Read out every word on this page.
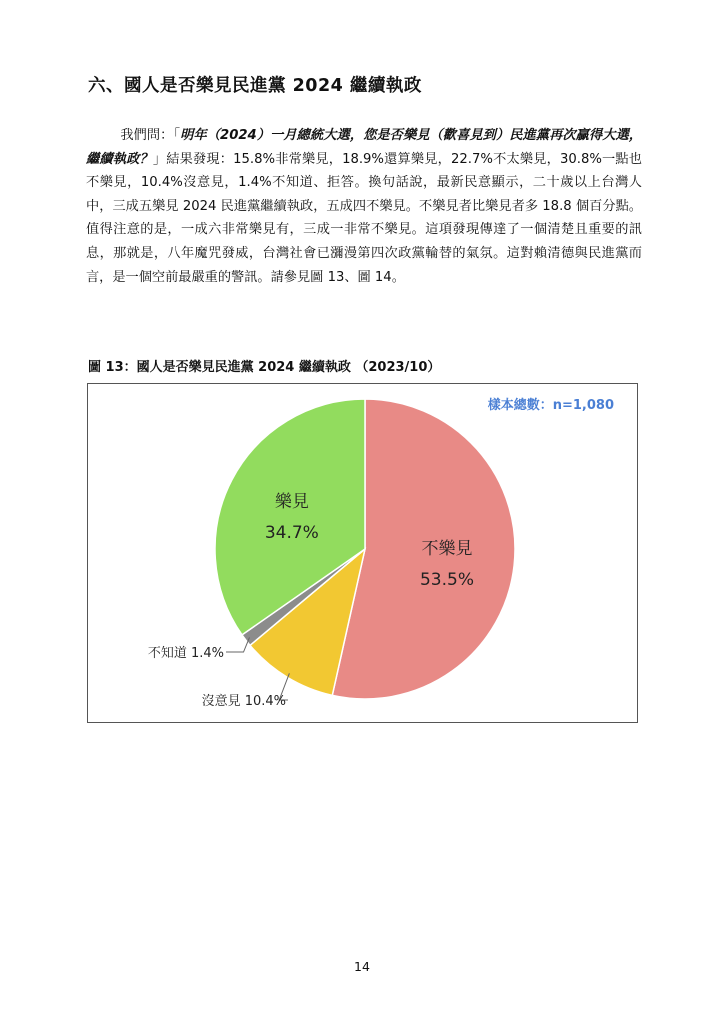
六、國人是否樂見民進黨 2024 繼續執政
我們問：「明年（2024）一月總統大選，您是否樂見（歡喜見到）民進黨再次贏得大選，繼續執政？」結果發現：15.8%非常樂見，18.9%還算樂見，22.7%不太樂見，30.8%一點也不樂見，10.4%沒意見，1.4%不知道、拒答。換句話說，最新民意顯示，二十歲以上台灣人中，三成五樂見 2024 民進黨繼續執政，五成四不樂見。不樂見者比樂見者多 18.8 個百分點。值得注意的是，一成六非常樂見有，三成一非常不樂見。這項發現傳達了一個清楚且重要的訊息，那就是，八年魔咒發威，台灣社會已瀰漫第四次政黨輪替的氣氛。這對賴清德與民進黨而言，是一個空前最嚴重的警訊。請參見圖 13、圖 14。
圖 13：國人是否樂見民進黨 2024 繼續執政 （2023/10）
樣本總數：n=1,080
不樂見
53.5%
樂見
34.7%
沒意見 10.4%
不知道 1.4%
14
